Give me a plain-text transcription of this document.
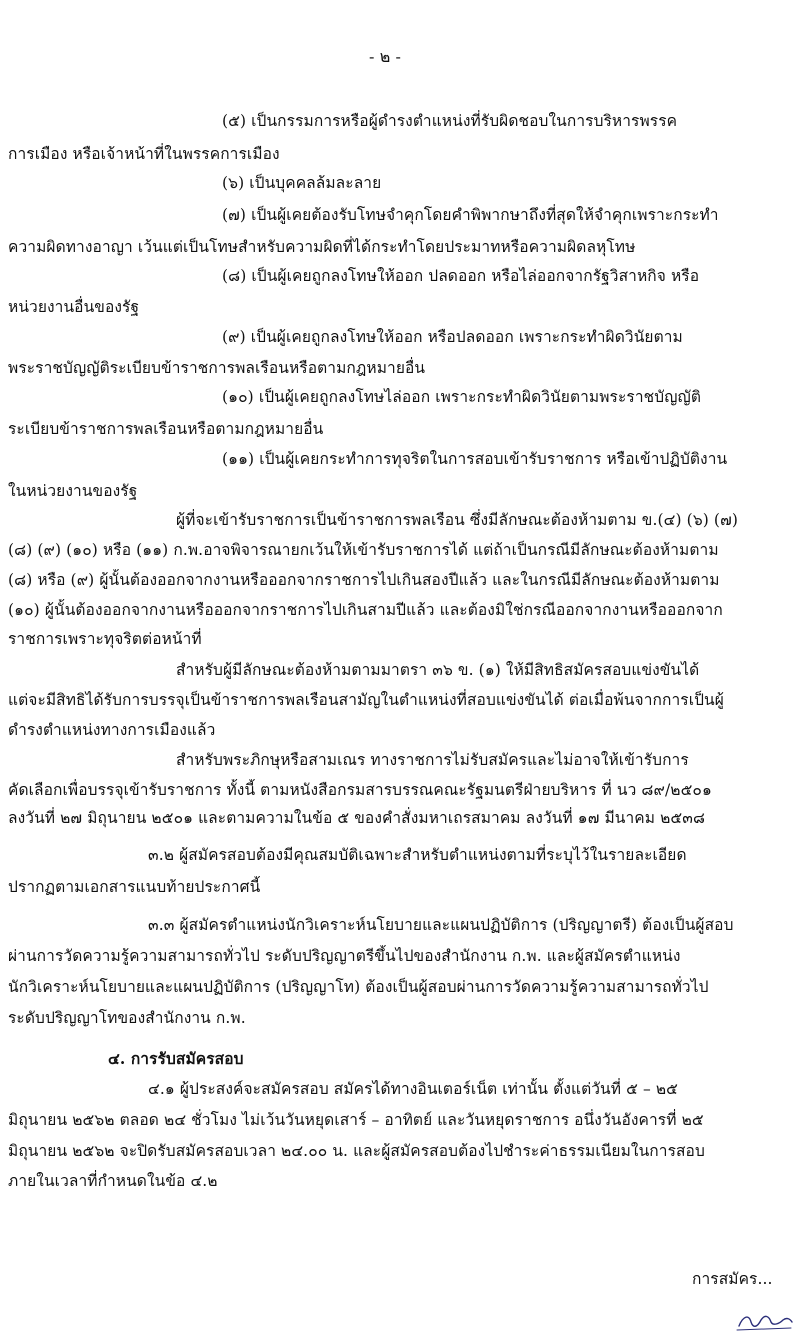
- ๒ -
(๕) เป็นกรรมการหรือผู้ดำรงตำแหน่งที่รับผิดชอบในการบริหารพรรค
การเมือง หรือเจ้าหน้าที่ในพรรคการเมือง
(๖) เป็นบุคคลล้มละลาย
(๗) เป็นผู้เคยต้องรับโทษจำคุกโดยคำพิพากษาถึงที่สุดให้จำคุกเพราะกระทำ
ความผิดทางอาญา เว้นแต่เป็นโทษสำหรับความผิดที่ได้กระทำโดยประมาทหรือความผิดลหุโทษ
(๘) เป็นผู้เคยถูกลงโทษให้ออก ปลดออก หรือไล่ออกจากรัฐวิสาหกิจ หรือ
หน่วยงานอื่นของรัฐ
(๙) เป็นผู้เคยถูกลงโทษให้ออก หรือปลดออก เพราะกระทำผิดวินัยตาม
พระราชบัญญัติระเบียบข้าราชการพลเรือนหรือตามกฎหมายอื่น
(๑๐) เป็นผู้เคยถูกลงโทษไล่ออก เพราะกระทำผิดวินัยตามพระราชบัญญัติ
ระเบียบข้าราชการพลเรือนหรือตามกฎหมายอื่น
(๑๑) เป็นผู้เคยกระทำการทุจริตในการสอบเข้ารับราชการ หรือเข้าปฏิบัติงาน
ในหน่วยงานของรัฐ
ผู้ที่จะเข้ารับราชการเป็นข้าราชการพลเรือน ซึ่งมีลักษณะต้องห้ามตาม ข.(๔) (๖) (๗)
(๘) (๙) (๑๐) หรือ (๑๑) ก.พ.อาจพิจารณายกเว้นให้เข้ารับราชการได้ แต่ถ้าเป็นกรณีมีลักษณะต้องห้ามตาม
(๘) หรือ (๙) ผู้นั้นต้องออกจากงานหรือออกจากราชการไปเกินสองปีแล้ว และในกรณีมีลักษณะต้องห้ามตาม
(๑๐) ผู้นั้นต้องออกจากงานหรือออกจากราชการไปเกินสามปีแล้ว และต้องมิใช่กรณีออกจากงานหรือออกจาก
ราชการเพราะทุจริตต่อหน้าที่
สำหรับผู้มีลักษณะต้องห้ามตามมาตรา ๓๖ ข. (๑) ให้มีสิทธิสมัครสอบแข่งขันได้
แต่จะมีสิทธิได้รับการบรรจุเป็นข้าราชการพลเรือนสามัญในตำแหน่งที่สอบแข่งขันได้ ต่อเมื่อพ้นจากการเป็นผู้
ดำรงตำแหน่งทางการเมืองแล้ว
สำหรับพระภิกษุหรือสามเณร ทางราชการไม่รับสมัครและไม่อาจให้เข้ารับการ
คัดเลือกเพื่อบรรจุเข้ารับราชการ ทั้งนี้ ตามหนังสือกรมสารบรรณคณะรัฐมนตรีฝ่ายบริหาร ที่ นว ๘๙/๒๕๐๑
ลงวันที่ ๒๗ มิถุนายน ๒๕๐๑ และตามความในข้อ ๕ ของคำสั่งมหาเถรสมาคม ลงวันที่ ๑๗ มีนาคม ๒๕๓๘
๓.๒ ผู้สมัครสอบต้องมีคุณสมบัติเฉพาะสำหรับตำแหน่งตามที่ระบุไว้ในรายละเอียด
ปรากฏตามเอกสารแนบท้ายประกาศนี้
๓.๓ ผู้สมัครตำแหน่งนักวิเคราะห์นโยบายและแผนปฏิบัติการ (ปริญญาตรี) ต้องเป็นผู้สอบ
ผ่านการวัดความรู้ความสามารถทั่วไป ระดับปริญญาตรีขึ้นไปของสำนักงาน ก.พ. และผู้สมัครตำแหน่ง
นักวิเคราะห์นโยบายและแผนปฏิบัติการ (ปริญญาโท) ต้องเป็นผู้สอบผ่านการวัดความรู้ความสามารถทั่วไป
ระดับปริญญาโทของสำนักงาน ก.พ.
๔. การรับสมัครสอบ
๔.๑ ผู้ประสงค์จะสมัครสอบ สมัครได้ทางอินเตอร์เน็ต เท่านั้น ตั้งแต่วันที่ ๕ – ๒๕
มิถุนายน ๒๕๖๒ ตลอด ๒๔ ชั่วโมง ไม่เว้นวันหยุดเสาร์ – อาทิตย์ และวันหยุดราชการ อนึ่งวันอังคารที่ ๒๕
มิถุนายน ๒๕๖๒ จะปิดรับสมัครสอบเวลา ๒๔.๐๐ น. และผู้สมัครสอบต้องไปชำระค่าธรรมเนียมในการสอบ
ภายในเวลาที่กำหนดในข้อ ๔.๒
การสมัคร...
